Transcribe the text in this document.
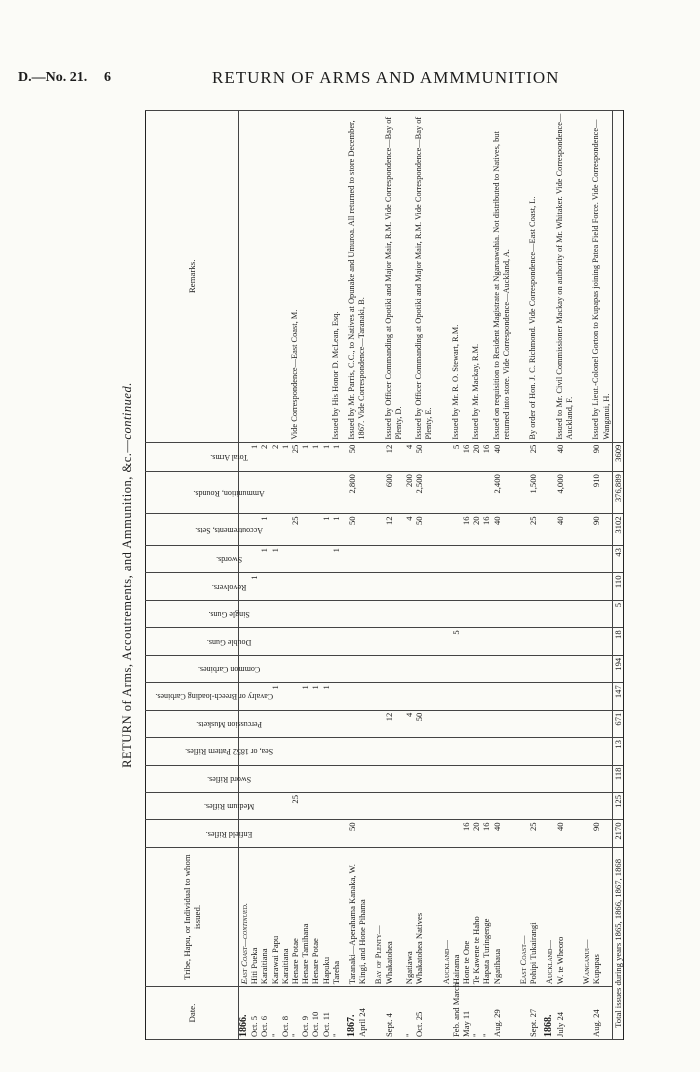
D.—No. 21. 6	RETURN OF ARMS AND AMMMUNITION
RETURN of Arms, Accoutrements, and Ammunition, &c.—continued.
Date.	Tribe, Hapu, or Individual to whom issued.	Enfield Rifles.	Medium Rifles.	Sword Rifles.	Sea, or 1852 Pattern Rifles.	Percussion Muskets.	Cavalry or Breech-loading Carbines.	Common Carbines.	Double Guns.	Single Guns.	Revolvers.	Swords.	Accoutrements, Sets.	Ammunition, Rounds.	Total Arms.	Remarks.

1866.	East Coast—continued.															
Oct. 5	Hiti Pueka										1				1	
Oct. 6	Karaitiana											1	1		2	
"	Karawai Papu						1					1			2	
Oct. 8	Karaitiana														1	
"	Henare Potae		25										25		25	Vide Correspondence—East Coast, M.
Oct. 9	Henare Tamihana						1								1	
Oct. 10	Henare Potae						1								1	
Oct. 11	Hapuku						1						1		1	
"	Tareha											1	1		1	Issued by His Honor D. McLean, Esq.

1867. April 24	Taranaki—Aperahama Kanaka, W. Kingi, and Hone Pihama	50											50	2,800	50	Issued by Mr. Parris, C.C., to Natives at Opunake and Umuroa. All returned to store December, 1867. Vide Correspondence—Taranaki, B.

	Bay of Plenty—															
Sept. 4	Whakatohea					12							12	600	12	Issued by Officer Commanding at Opotiki and Major Mair, R.M. Vide Correspondence—Bay of Plenty, D.
"	Ngatiawa					4							4	200	4	
Oct. 25	Whakatohea Natives					50							50	2,500	50	Issued by Officer Commanding at Opotiki and Major Mair, R.M. Vide Correspondence—Bay of Plenty, E.

	Auckland—															
Feb. and March	Hairama								5						5	Issued by Mr. R. O. Stewart, R.M.
May 11	Hone te One	16											16		16	
"	Te Kawene te Haho	20											20		20	Issued by Mr. Mackay, R.M.
"	Hapata Turingenge	16											16		16	
Aug. 29	Ngatihaua	40											40	2,400	40	Issued on requisition to Resident Magistrate at Ngaruawahia. Not distributed to Natives, but returned into store. Vide Correspondence—Auckland, A.

	East Coast—															
Sept. 27	Pohipi Tukairangi	25											25	1,500	25	By order of Hon. J. C. Richmond. Vide Correspondence—East Coast, L.

1868.	Auckland—															
July 24	W. te Wheoro	40											40	4,000	40	Issued to Mr. Civil Commissioner Mackay on authority of Mr. Whitaker. Vide Correspondence—Auckland, F.

	Wanganui—															
Aug. 24	Kupapas	90											90	910	90	Issued by Lieut.-Colonel Gorton to Kupapas joining Patea Field Force. Vide Correspondence—Wanganui, H.
Total issues during years 1865, 1866, 1867, 1868		2170	125	118	13	671	147	194	18	5	110	43	3102	376,889	3609	
